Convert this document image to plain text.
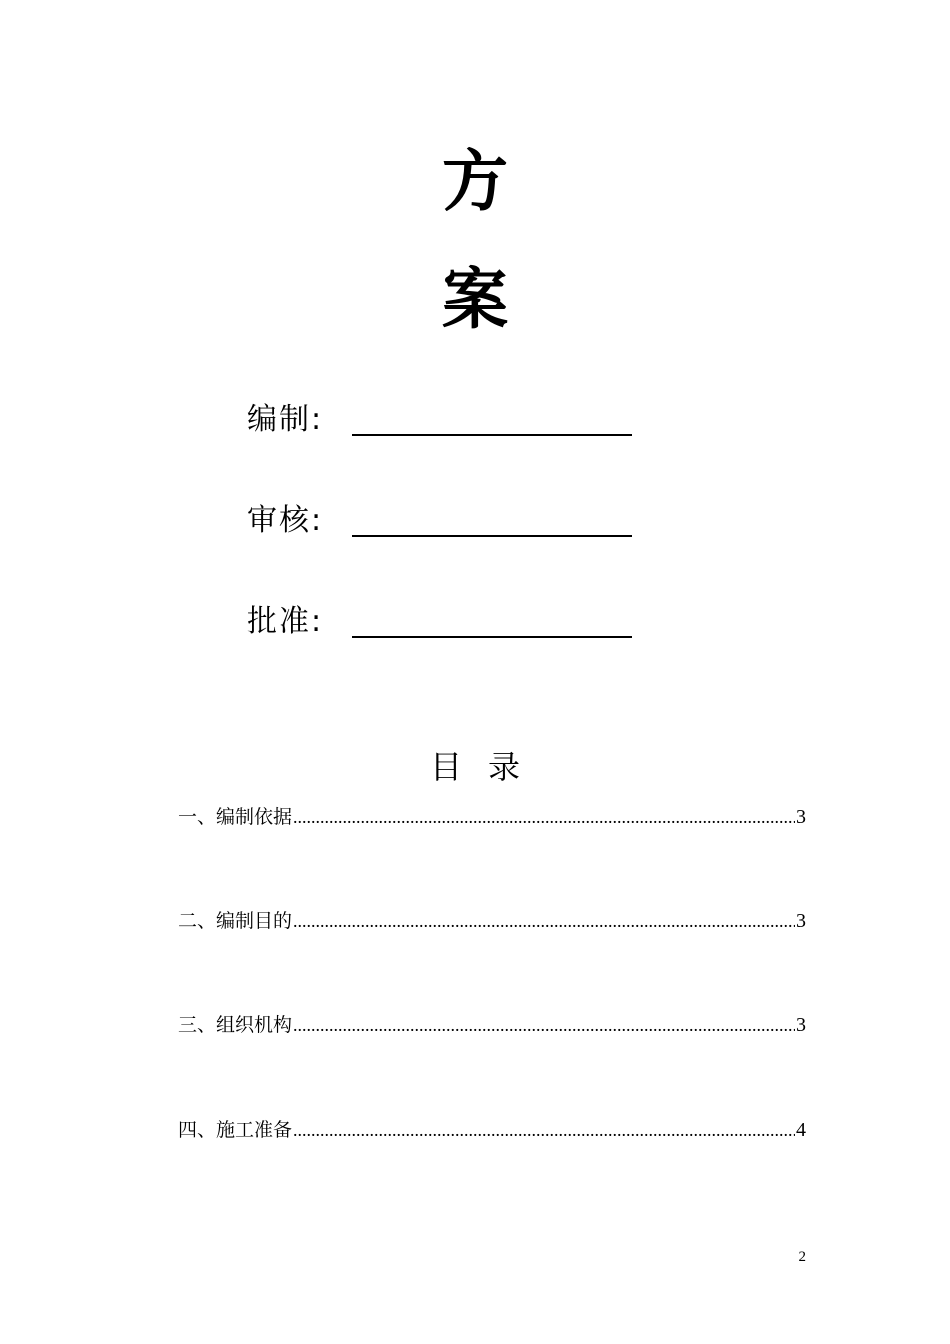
方
案
编制:
审核:
批准:
目录
一、编制依据 .....	3
二、编制目的 .....	3
三、组织机构 .....	3
四、施工准备 .....	4
2
